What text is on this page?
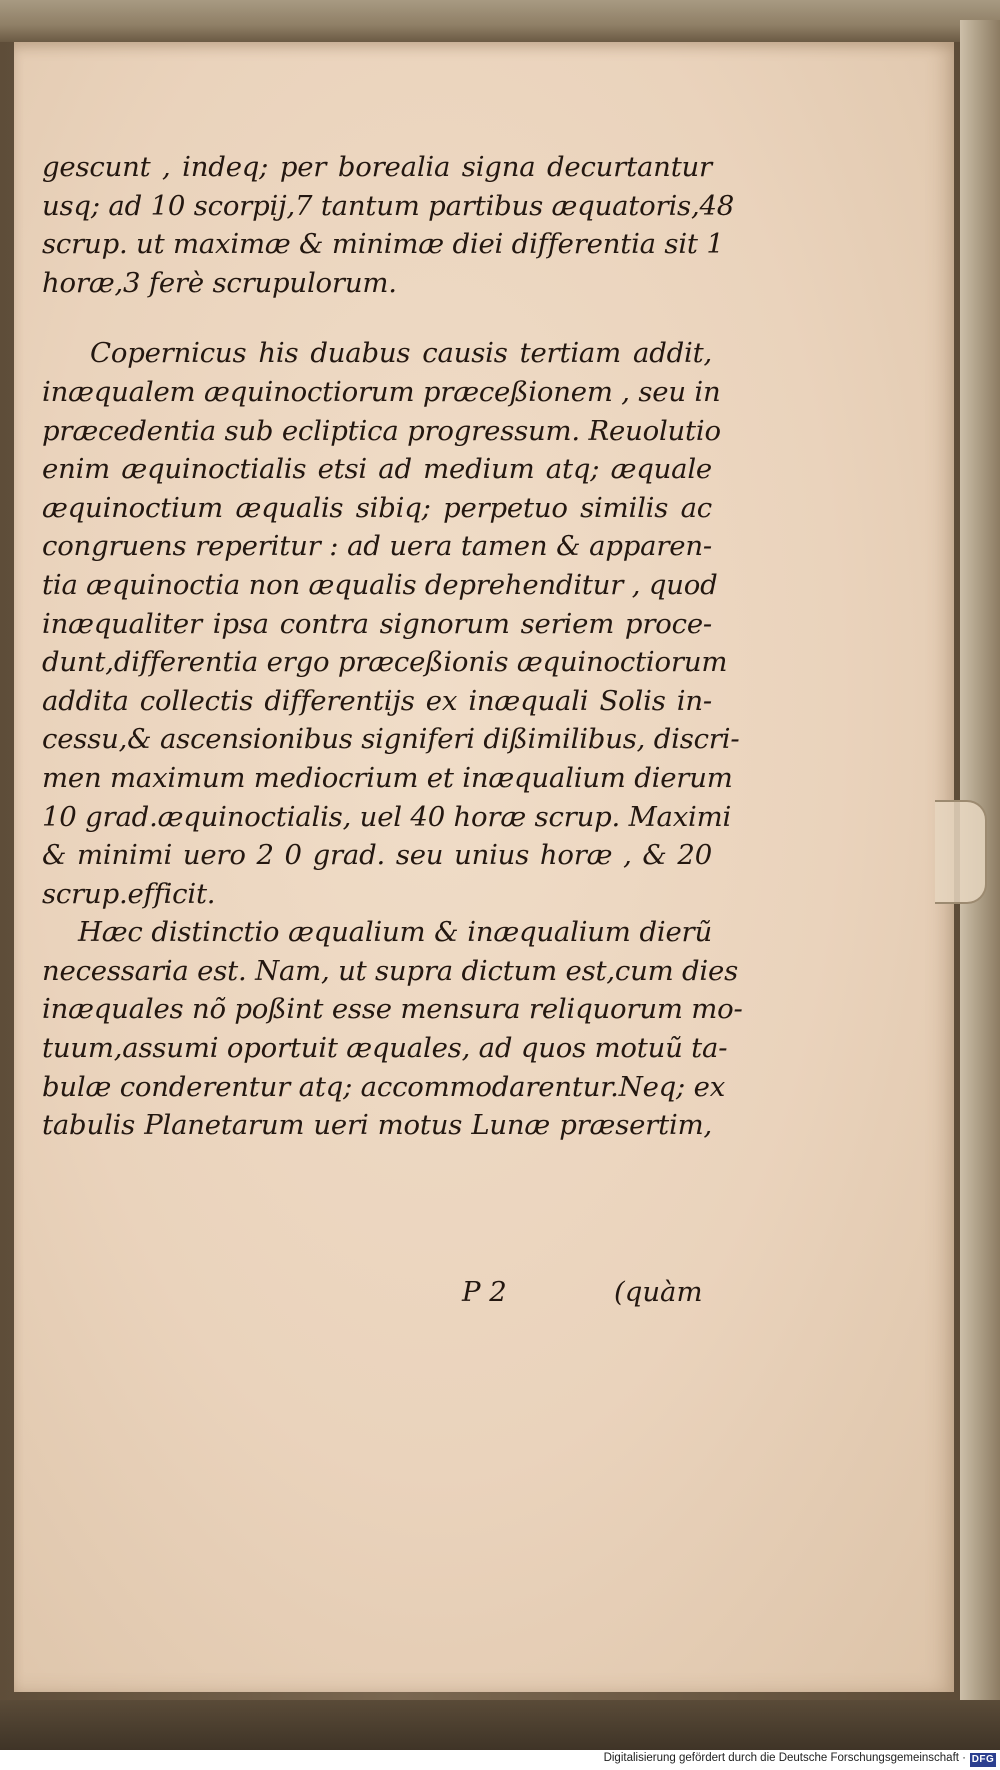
gescunt , indeq; per borealia signa decurtantur
usq; ad 10 scorpij,7 tantum partibus æquatoris,48
scrup. ut maximæ & minimæ diei differentia sit 1
horæ,3 ferè scrupulorum.
Copernicus his duabus causis tertiam addit,
inæqualem æquinoctiorum præceßionem , seu in
præcedentia sub ecliptica progressum. Reuolutio
enim æquinoctialis etsi ad medium atq; æquale
æquinoctium æqualis sibiq; perpetuo similis ac
congruens reperitur : ad uera tamen & apparen-
tia æquinoctia non æqualis deprehenditur , quod
inæqualiter ipsa contra signorum seriem proce-
dunt,differentia ergo præceßionis æquinoctiorum
addita collectis differentijs ex inæquali Solis in-
cessu,& ascensionibus signiferi dißimilibus, discri-
men maximum mediocrium et inæqualium dierum
10 grad.æquinoctialis, uel 40 horæ scrup. Maximi
& minimi uero 2 0 grad. seu unius horæ , & 20
scrup.efficit.
Hæc distinctio æqualium & inæqualium dierũ
necessaria est. Nam, ut supra dictum est,cum dies
inæquales nõ poßint esse mensura reliquorum mo-
tuum,assumi oportuit æquales, ad quos motuũ ta-
bulæ conderentur atq; accommodarentur.Neq; ex
tabulis Planetarum ueri motus Lunæ præsertim,
P 2	(quàm
Digitalisierung gefördert durch die Deutsche Forschungsgemeinschaft · DFG
